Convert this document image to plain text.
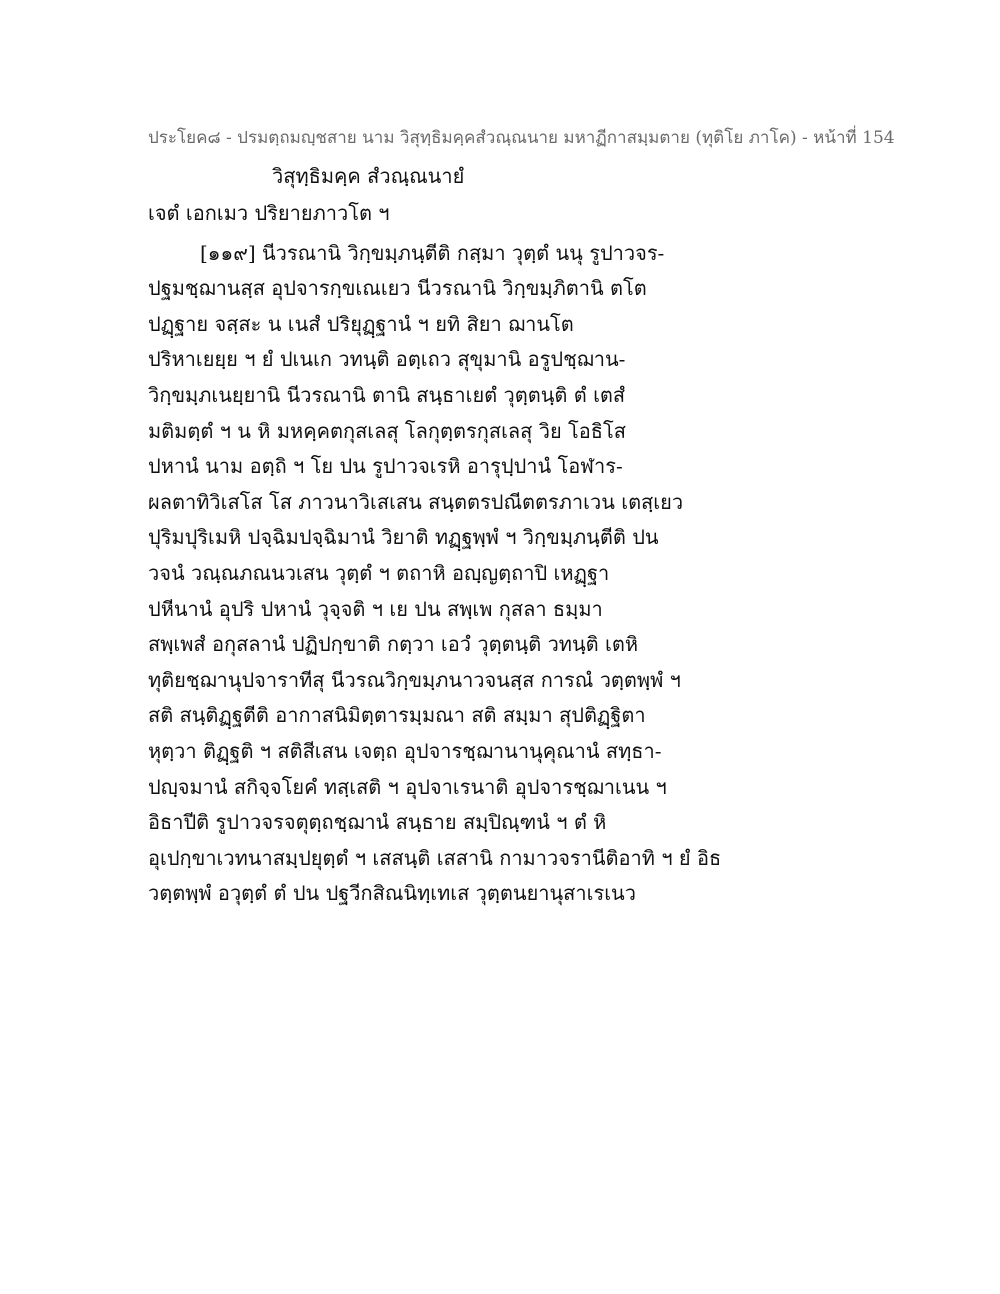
ประโยค๘ - ปรมตฺถมญฺชสาย นาม วิสุทฺธิมคฺคสํวณฺณนาย มหาฏีกาสมฺมตาย (ทุติโย ภาโค) - หน้าที่ 154
วิสุทฺธิมคฺค สํวณฺณนายํ
เจตํ เอกเมว ปริยายภาวโต ฯ
[๑๑๙] นีวรณานิ วิกฺขมฺภนฺตีติ กสฺมา วุตฺตํ นนุ รูปาวจร-
ปฐมชฺฌานสฺส อุปจารกฺขเณเยว นีวรณานิ วิกฺขมฺภิตานิ ตโต
ปฏฺฐาย จสฺสะ น เนสํ ปริยุฏฺฐานํ ฯ ยทิ สิยา ฌานโต
ปริหาเยยฺย ฯ ยํ ปเนเก วทนฺติ อตฺเถว สุขุมานิ อรูปชฺฌาน-
วิกฺขมฺภเนยฺยานิ นีวรณานิ ตานิ สนฺธาเยตํ วุตฺตนฺติ ตํ เตสํ
มติมตฺตํ ฯ น หิ มหคฺคตกุสเลสุ โลกุตฺตรกุสเลสุ วิย โอธิโส
ปหานํ นาม อตฺถิ ฯ โย ปน รูปาวจเรหิ อารุปฺปานํ โอฬาร-
ผลตาทิวิเสโส โส ภาวนาวิเสเสน สนฺตตรปณีตตรภาเวน เตสฺเยว
ปุริมปุริเมหิ ปจฺฉิมปจฺฉิมานํ วิยาติ ทฏฺฐพฺพํ ฯ วิกฺขมฺภนฺตีติ ปน
วจนํ วณฺณภณนวเสน วุตฺตํ ฯ ตถาหิ อญฺญตฺถาปิ เหฏฺฐา
ปหีนานํ อุปริ ปหานํ วุจฺจติ ฯ เย ปน สพฺเพ กุสลา ธมฺมา
สพฺเพสํ อกุสลานํ ปฏิปกฺขาติ กตฺวา เอวํ วุตฺตนฺติ วทนฺติ เตหิ
ทุติยชฺฌานุปจาราทีสุ นีวรณวิกฺขมฺภนาวจนสฺส การณํ วตฺตพฺพํ ฯ
สติ สนฺติฏฺฐตีติ อากาสนิมิตฺตารมฺมณา สติ สมฺมา สุปติฏฺฐิตา
หุตฺวา ติฏฺฐติ ฯ สติสีเสน เจตฺถ อุปจารชฺฌานานุคุณานํ สทฺธา-
ปญฺจมานํ สกิจฺจโยคํ ทสฺเสติ ฯ อุปจาเรนาติ อุปจารชฺฌาเนน ฯ
อิธาปีติ รูปาวจรจตุตฺถชฺฌานํ สนฺธาย สมฺปิณฺฑนํ ฯ ตํ หิ
อุเปกฺขาเวทนาสมฺปยุตฺตํ ฯ เสสนฺติ เสสานิ กามาวจรานีติอาทิ ฯ ยํ อิธ
วตฺตพฺพํ อวุตฺตํ ตํ ปน ปฐวีกสิณนิทฺเทเส วุตฺตนยานุสาเรเนว
